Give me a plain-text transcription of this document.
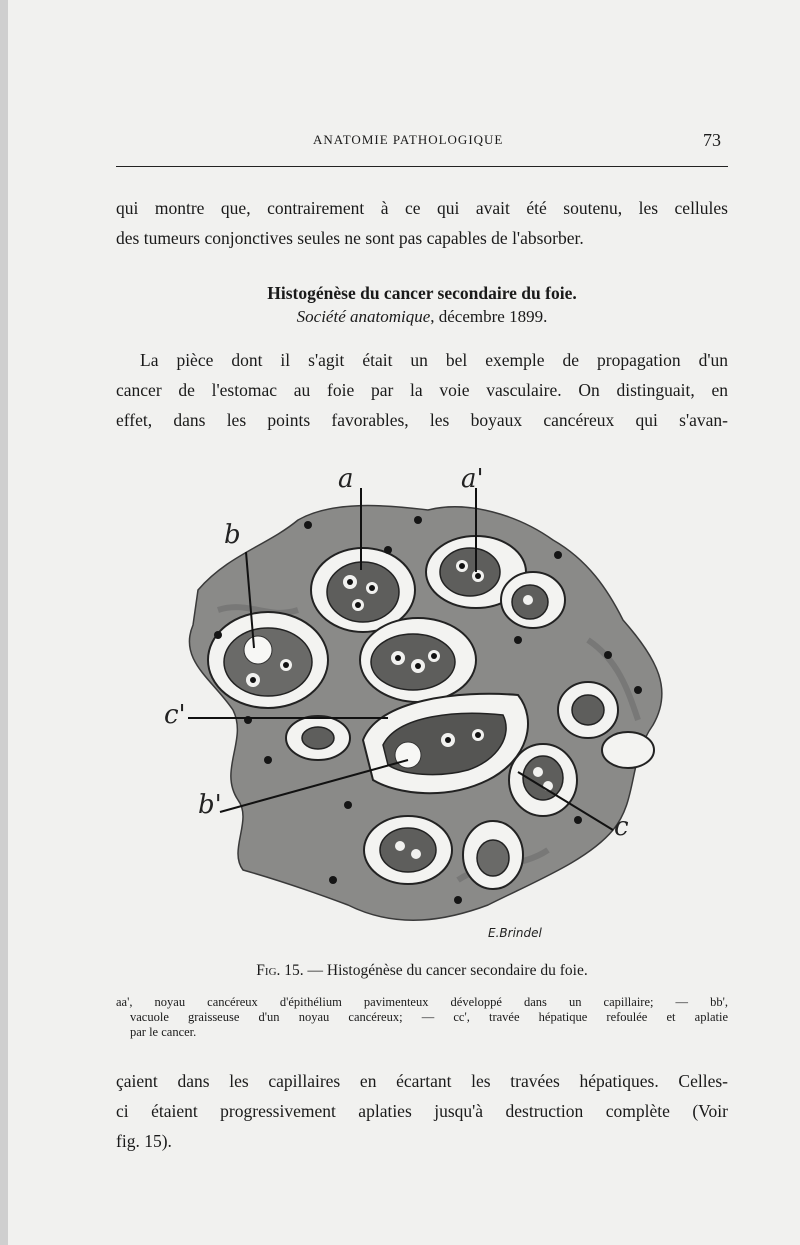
ANATOMIE PATHOLOGIQUE	73

qui montre que, contrairement à ce qui avait été soutenu, les cellules
des tumeurs conjonctives seules ne sont pas capables de l'absorber.

Histogénèse du cancer secondaire du foie.

Société anatomique, décembre 1899.

La pièce dont il s'agit était un bel exemple de propagation d'un
cancer de l'estomac au foie par la voie vasculaire. On distinguait, en
effet, dans les points favorables, les boyaux cancéreux qui s'avan-

a	a'
b
c'
b'
c
E.Brindel

Fig. 15. — Histogénèse du cancer secondaire du foie.

aa', noyau cancéreux d'épithélium pavimenteux développé dans un capillaire; — bb',
vacuole graisseuse d'un noyau cancéreux; — cc', travée hépatique refoulée et aplatie
par le cancer.

çaient dans les capillaires en écartant les travées hépatiques. Celles-
ci étaient progressivement aplaties jusqu'à destruction complète (Voir
fig. 15).
